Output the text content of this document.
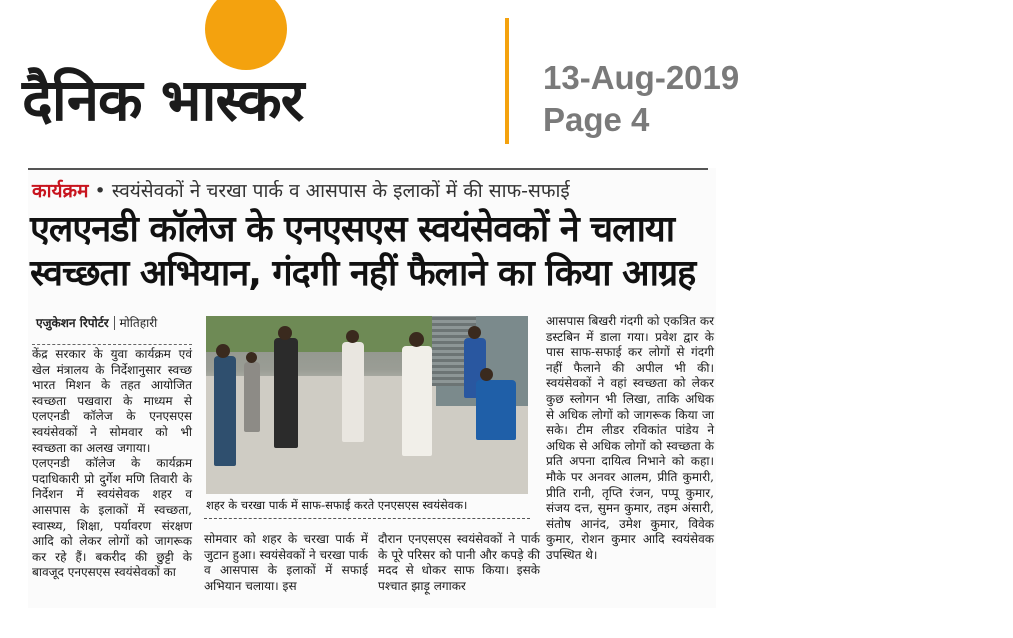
दैनिक भास्कर	13-Aug-2019
Page 4
कार्यक्रम • स्वयंसेवकों ने चरखा पार्क व आसपास के इलाकों में की साफ-सफाई
एलएनडी कॉलेज के एनएसएस स्वयंसेवकों ने चलाया स्वच्छता अभियान, गंदगी नहीं फैलाने का किया आग्रह
एजुकेशन रिपोर्टर मोतिहारी
केंद्र सरकार के युवा कार्यक्रम एवं खेल मंत्रालय के निर्देशानुसार स्वच्छ भारत मिशन के तहत आयोजित स्वच्छता पखवारा के माध्यम से एलएनडी कॉलेज के एनएसएस स्वयंसेवकों ने सोमवार को भी स्वच्छता का अलख जगाया।
एलएनडी कॉलेज के कार्यक्रम पदाधिकारी प्रो दुर्गेश मणि तिवारी के निर्देशन में स्वयंसेवक शहर व आसपास के इलाकों में स्वच्छता, स्वास्थ्य, शिक्षा, पर्यावरण संरक्षण आदि को लेकर लोगों को जागरूक कर रहे हैं। बकरीद की छुट्टी के बावजूद एनएसएस स्वयंसेवकों का
शहर के चरखा पार्क में साफ-सफाई करते एनएसएस स्वयंसेवक।
सोमवार को शहर के चरखा पार्क में जुटान हुआ। स्वयंसेवकों ने चरखा पार्क व आसपास के इलाकों में सफाई अभियान चलाया। इस
दौरान एनएसएस स्वयंसेवकों ने पार्क के पूरे परिसर को पानी और कपड़े की मदद से धोकर साफ किया। इसके पश्चात झाड़ू लगाकर
आसपास बिखरी गंदगी को एकत्रित कर डस्टबिन में डाला गया। प्रवेश द्वार के पास साफ-सफाई कर लोगों से गंदगी नहीं फैलाने की अपील भी की। स्वयंसेवकों ने वहां स्वच्छता को लेकर कुछ स्लोगन भी लिखा, ताकि अधिक से अधिक लोगों को जागरूक किया जा सके। टीम लीडर रविकांत पांडेय ने अधिक से अधिक लोगों को स्वच्छता के प्रति अपना दायित्व निभाने को कहा। मौके पर अनवर आलम, प्रीति कुमारी, प्रीति रानी, तृप्ति रंजन, पप्पू कुमार, संजय दत्त, सुमन कुमार, तइम अंसारी, संतोष आनंद, उमेश कुमार, विवेक कुमार, रोशन कुमार आदि स्वयंसेवक उपस्थित थे।
